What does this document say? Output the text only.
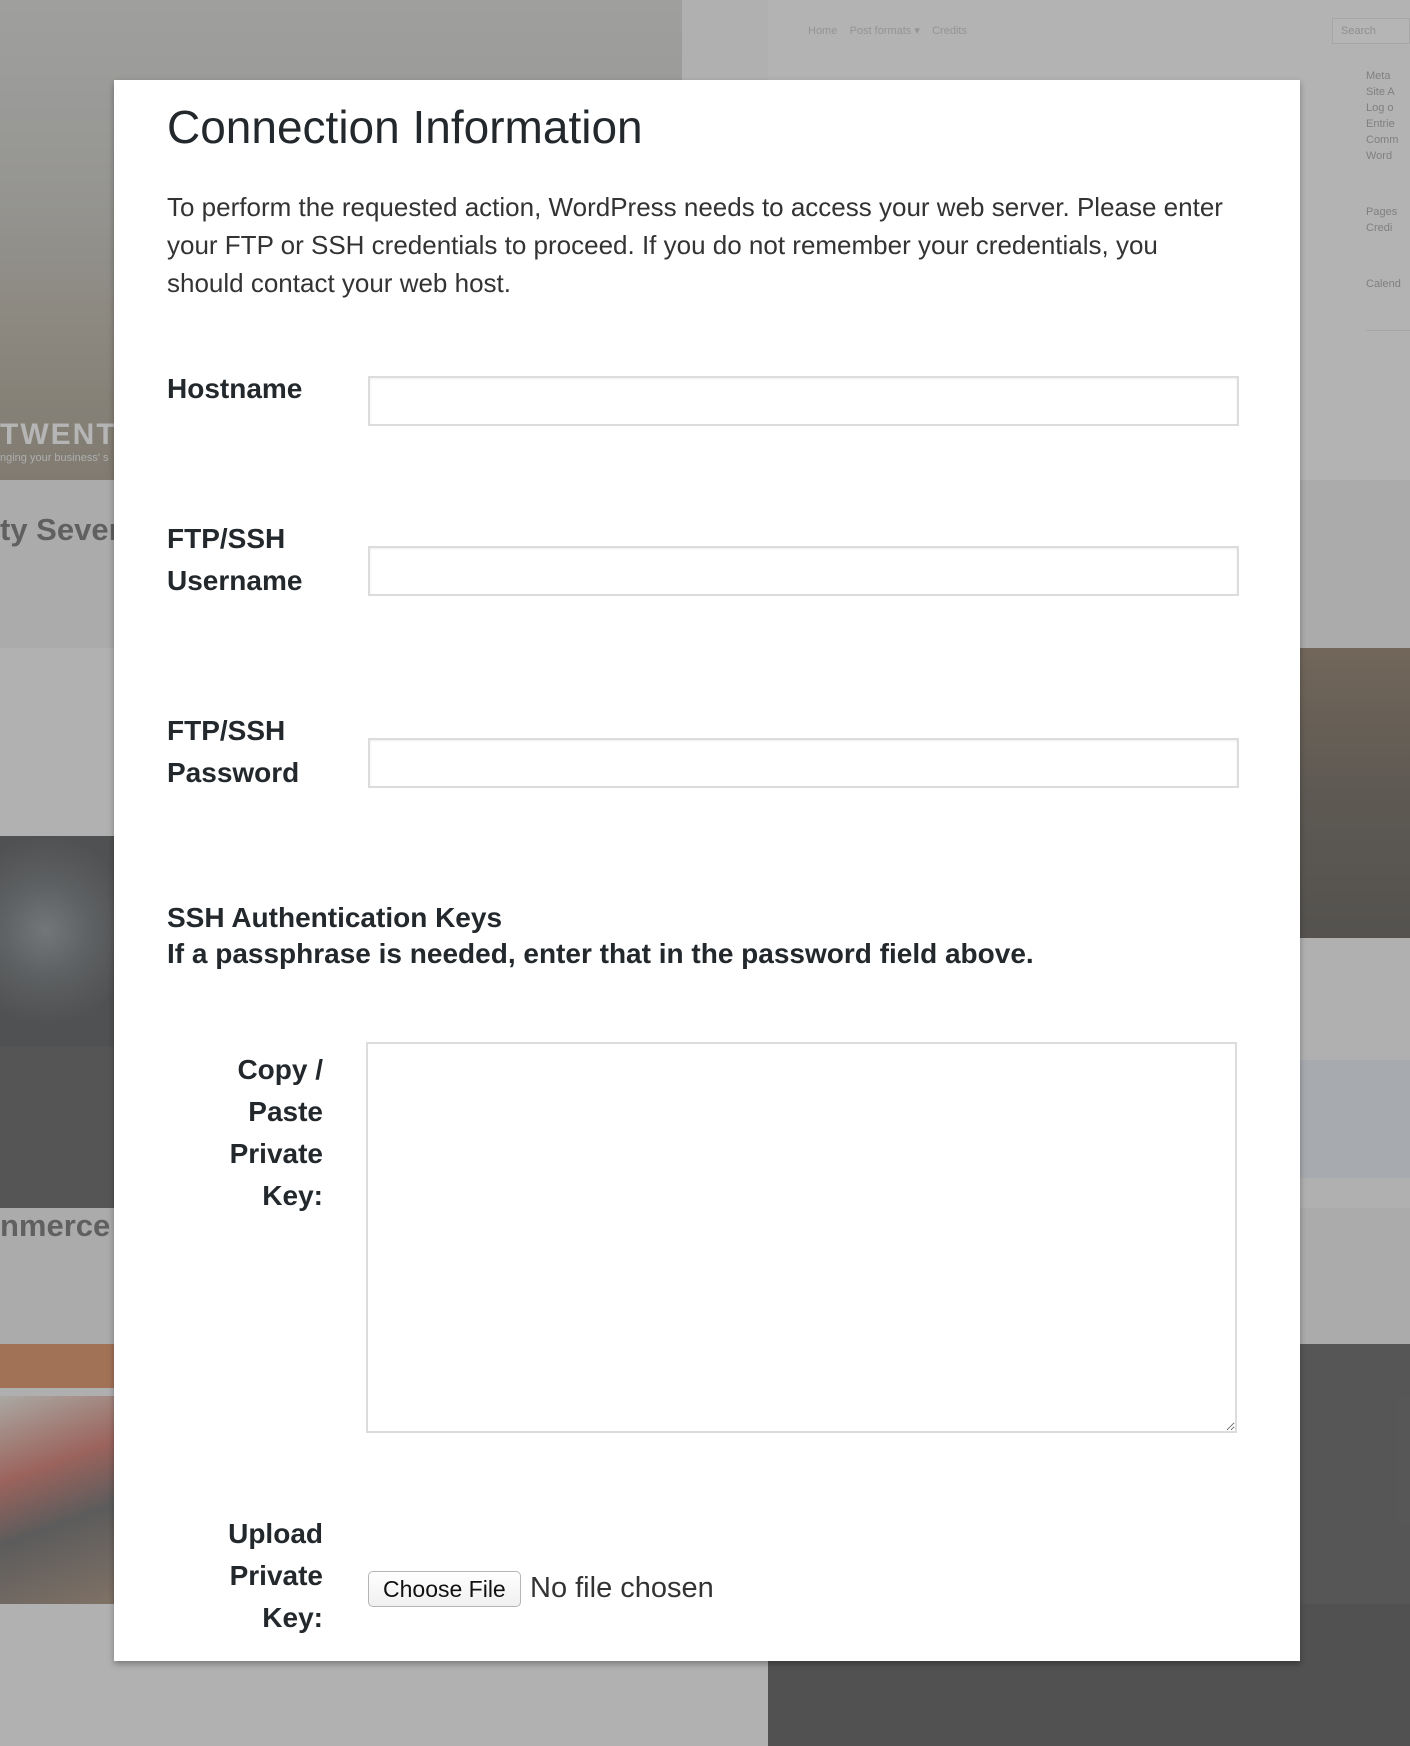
Connection Information

To perform the requested action, WordPress needs to access your web server. Please enter your FTP or SSH credentials to proceed. If you do not remember your credentials, you should contact your web host.

Hostname
FTP/SSH Username
FTP/SSH Password
SSH Authentication Keys
If a passphrase is needed, enter that in the password field above.
Copy / Paste Private Key:
Upload Private Key:
Choose File No file chosen
